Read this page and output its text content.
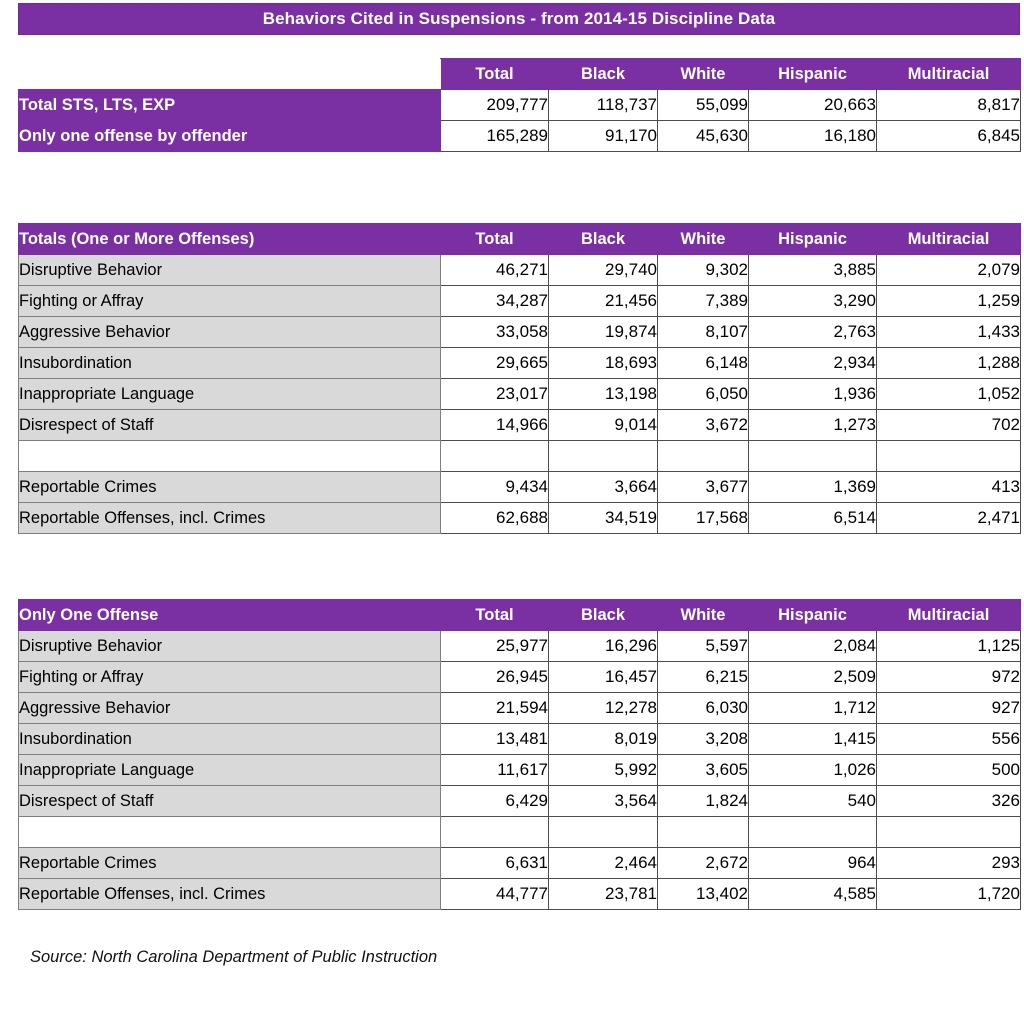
Behaviors Cited in Suspensions - from 2014-15 Discipline Data
	Total	Black	White	Hispanic	Multiracial
Total STS, LTS, EXP	209,777	118,737	55,099	20,663	8,817
Only one offense by offender	165,289	91,170	45,630	16,180	6,845
Totals (One or More Offenses)	Total	Black	White	Hispanic	Multiracial
Disruptive Behavior	46,271	29,740	9,302	3,885	2,079
Fighting or Affray	34,287	21,456	7,389	3,290	1,259
Aggressive Behavior	33,058	19,874	8,107	2,763	1,433
Insubordination	29,665	18,693	6,148	2,934	1,288
Inappropriate Language	23,017	13,198	6,050	1,936	1,052
Disrespect of Staff	14,966	9,014	3,672	1,273	702

Reportable Crimes	9,434	3,664	3,677	1,369	413
Reportable Offenses, incl. Crimes	62,688	34,519	17,568	6,514	2,471
Only One Offense	Total	Black	White	Hispanic	Multiracial
Disruptive Behavior	25,977	16,296	5,597	2,084	1,125
Fighting or Affray	26,945	16,457	6,215	2,509	972
Aggressive Behavior	21,594	12,278	6,030	1,712	927
Insubordination	13,481	8,019	3,208	1,415	556
Inappropriate Language	11,617	5,992	3,605	1,026	500
Disrespect of Staff	6,429	3,564	1,824	540	326

Reportable Crimes	6,631	2,464	2,672	964	293
Reportable Offenses, incl. Crimes	44,777	23,781	13,402	4,585	1,720
Source: North Carolina Department of Public Instruction
